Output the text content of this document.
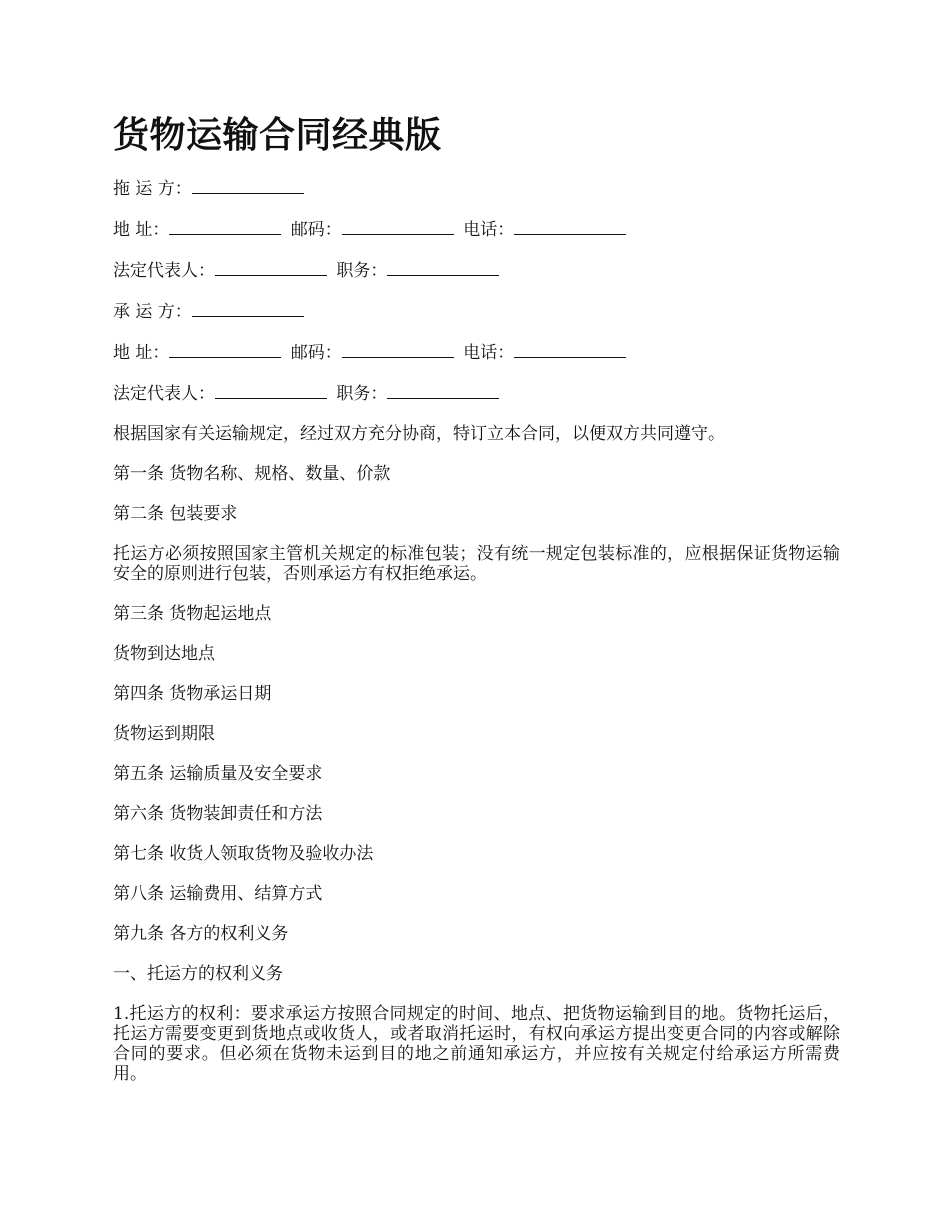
货物运输合同经典版

拖 运 方：

地 址：	邮码：	电话：

法定代表人：	职务：

承 运 方：

地 址：	邮码：	电话：

法定代表人：	职务：

根据国家有关运输规定，经过双方充分协商，特订立本合同，以便双方共同遵守。

第一条 货物名称、规格、数量、价款

第二条 包装要求

托运方必须按照国家主管机关规定的标准包装；没有统一规定包装标准的，应根据保证货物运输安全的原则进行包装，否则承运方有权拒绝承运。

第三条 货物起运地点

货物到达地点

第四条 货物承运日期

货物运到期限

第五条 运输质量及安全要求

第六条 货物装卸责任和方法

第七条 收货人领取货物及验收办法

第八条 运输费用、结算方式

第九条 各方的权利义务

一、托运方的权利义务

1.托运方的权利：要求承运方按照合同规定的时间、地点、把货物运输到目的地。货物托运后，托运方需要变更到货地点或收货人，或者取消托运时，有权向承运方提出变更合同的内容或解除合同的要求。但必须在货物未运到目的地之前通知承运方，并应按有关规定付给承运方所需费用。
